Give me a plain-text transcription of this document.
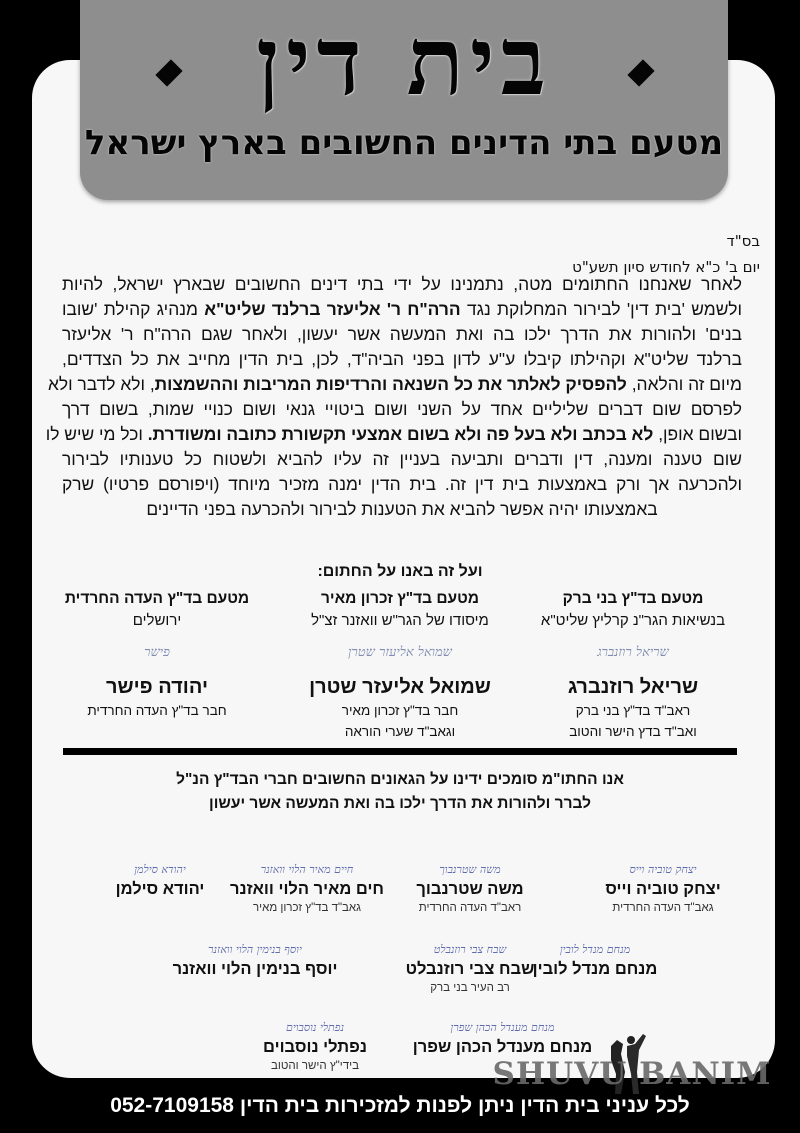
בית דין
מטעם בתי הדינים החשובים בארץ ישראל
בס"ד
יום ב' כ"א לחודש סיון תשע"ט
לאחר שאנחנו החתומים מטה, נתמנינו על ידי בתי דינים החשובים שבארץ ישראל, להיות
ולשמש 'בית דין' לבירור המחלוקת נגד הרה"ח ר' אליעזר ברלנד שליט"א מנהיג קהילת 'שובו
בנים' ולהורות את הדרך ילכו בה ואת המעשה אשר יעשון, ולאחר שגם הרה"ח ר' אליעזר
ברלנד שליט"א וקהילתו קיבלו ע"ע לדון בפני הביה"ד, לכן, בית הדין מחייב את כל הצדדים,
מיום זה והלאה, להפסיק לאלתר את כל השנאה והרדיפות המריבות וההשמצות, ולא לדבר ולא
לפרסם שום דברים שליליים אחד על השני ושום ביטויי גנאי ושום כנויי שמות, בשום דרך
ובשום אופן, לא בכתב ולא בעל פה ולא בשום אמצעי תקשורת כתובה ומשודרת. וכל מי שיש לו
שום טענה ומענה, דין ודברים ותביעה בעניין זה עליו להביא ולשטוח כל טענותיו לבירור
ולהכרעה אך ורק באמצעות בית דין זה. בית הדין ימנה מזכיר מיוחד (ויפורסם פרטיו) שרק
באמצעותו יהיה אפשר להביא את הטענות לבירור ולהכרעה בפני הדיינים
ועל זה באנו על החתום:
מטעם בד"ץ בני ברק
בנשיאות הגר"נ קרליץ שליט"א
שריאל רוזנברג
שריאל רוזנברג
ראב"ד בד"ץ בני ברק
ואב"ד בדץ הישר והטוב
מטעם בד"ץ זכרון מאיר
מיסודו של הגר"ש וואזנר זצ"ל
שמואל אליעזר שטרן
שמואל אליעזר שטרן
חבר בד"ץ זכרון מאיר
וגאב"ד שערי הוראה
מטעם בד"ץ העדה החרדית
ירושלים
פישר
יהודה פישר
חבר בד"ץ העדה החרדית
אנו החתו"מ סומכים ידינו על הגאונים החשובים חברי הבד"ץ הנ"ל
לברר ולהורות את הדרך ילכו בה ואת המעשה אשר יעשון
יצחק טוביה וייס
יצחק טוביה וייס
גאב"ד העדה החרדית
משה שטרנבוך
משה שטרנבוך
ראב"ד העדה החרדית
חיים מאיר הלוי וואזנר
חים מאיר הלוי וואזנר
גאב"ד בד"ץ זכרון מאיר
יהודא סילמן
יהודא סילמן
מנחם מנדל לובין
מנחם מנדל לובין
שבח צבי רוזנבלט
שבח צבי רוזנבלט
רב העיר בני ברק
יוסף בנימין הלוי וואזנר
יוסף בנימין הלוי וואזנר
מנחם מענדל הכהן שפרן
מנחם מענדל הכהן שפרן
נפתלי נוסבוים
נפתלי נוסבוים
בידי"ץ הישר והטוב	SHUVU BANIM
לכל עניני בית הדין ניתן לפנות למזכירות בית הדין 052-7109158
